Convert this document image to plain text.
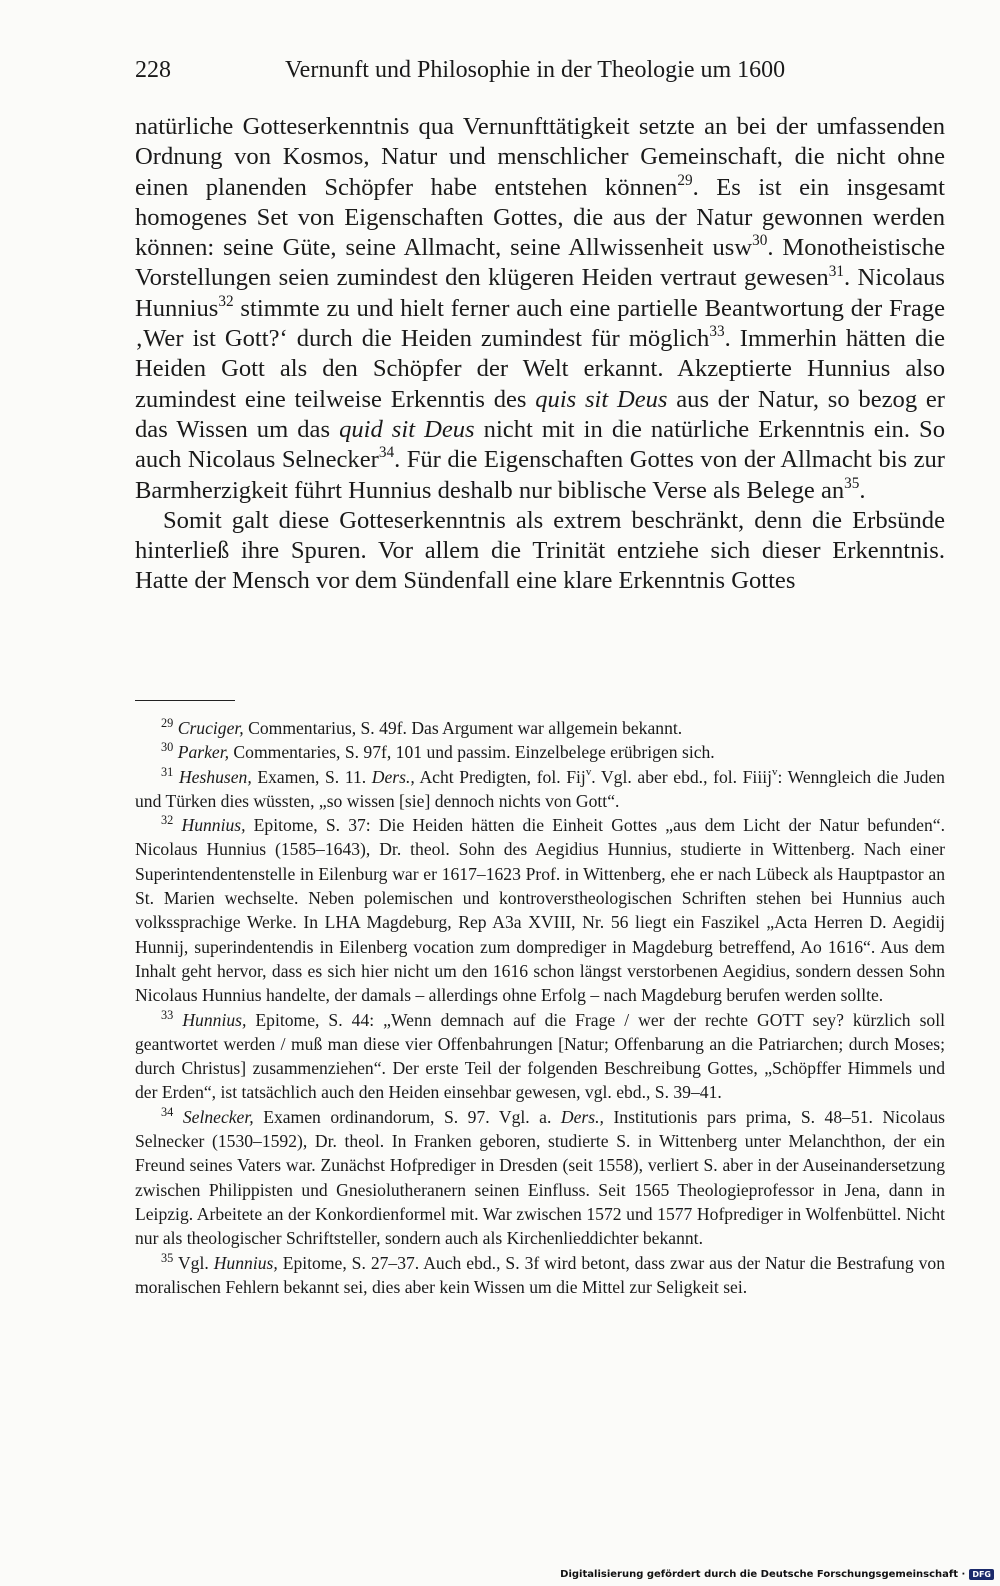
228	Vernunft und Philosophie in der Theologie um 1600

natürliche Gotteserkenntnis qua Vernunfttätigkeit setzte an bei der umfassenden Ordnung von Kosmos, Natur und menschlicher Gemeinschaft, die nicht ohne einen planenden Schöpfer habe entstehen können$^{29}$. Es ist ein insgesamt homogenes Set von Eigenschaften Gottes, die aus der Natur gewonnen werden können: seine Güte, seine Allmacht, seine Allwissenheit usw$^{30}$. Monotheistische Vorstellungen seien zumindest den klügeren Heiden vertraut gewesen$^{31}$. Nicolaus Hunnius$^{32}$ stimmte zu und hielt ferner auch eine partielle Beantwortung der Frage ‚Wer ist Gott?‘ durch die Heiden zumindest für möglich$^{33}$. Immerhin hätten die Heiden Gott als den Schöpfer der Welt erkannt. Akzeptierte Hunnius also zumindest eine teilweise Erkenntis des quis sit Deus aus der Natur, so bezog er das Wissen um das quid sit Deus nicht mit in die natürliche Erkenntnis ein. So auch Nicolaus Selnecker$^{34}$. Für die Eigenschaften Gottes von der Allmacht bis zur Barmherzigkeit führt Hunnius deshalb nur biblische Verse als Belege $an^{35}$.

Somit galt diese Gotteserkenntnis als extrem beschränkt, denn die Erbsünde hinterließ ihre Spuren. Vor allem die Trinität entziehe sich dieser Erkenntnis. Hatte der Mensch vor dem Sündenfall eine klare Erkenntnis Gottes

$^{29}$ Cruciger, Commentarius, S. 49f. Das Argument war allgemein bekannt.

$^{30}$ Parker, Commentaries, S. 97f, 101 und passim. Einzelbelege erübrigen sich.

$^{31}$ Heshusen, Examen, S. 11. Ders., Acht Predigten, fol. Fij$^v$. Vgl. aber ebd., fol. Fiiij$^v$: Wenngleich die Juden und Türken dies wüssten, „so wissen [sie] dennoch nichts von Gott“.

$^{32}$ Hunnius, Epitome, S. 37: Die Heiden hätten die Einheit Gottes „aus dem Licht der Natur befunden“. Nicolaus Hunnius (1585–1643), Dr. theol. Sohn des Aegidius Hunnius, studierte in Wittenberg. Nach einer Superintendentenstelle in Eilenburg war er 1617–1623 Prof. in Wittenberg, ehe er nach Lübeck als Hauptpastor an St. Marien wechselte. Neben polemischen und kontroverstheologischen Schriften stehen bei Hunnius auch volkssprachige Werke. In LHA Magdeburg, Rep A3a XVIII, Nr. 56 liegt ein Faszikel „Acta Herren D. Aegidij Hunnij, superindentendis in Eilenberg vocation zum domprediger in Magdeburg betreffend, Ao 1616“. Aus dem Inhalt geht hervor, dass es sich hier nicht um den 1616 schon längst verstorbenen Aegidius, sondern dessen Sohn Nicolaus Hunnius handelte, der damals – allerdings ohne Erfolg – nach Magdeburg berufen werden sollte.

$^{33}$ Hunnius, Epitome, S. 44: „Wenn demnach auf die Frage / wer der rechte GOTT sey? kürzlich soll geantwortet werden / muß man diese vier Offenbahrungen [Natur; Offenbarung an die Patriarchen; durch Moses; durch Christus] zusammenziehen“. Der erste Teil der folgenden Beschreibung Gottes, „Schöpffer Himmels und der Erden“, ist tatsächlich auch den Heiden einsehbar gewesen, vgl. ebd., S. 39–41.

$^{34}$ Selnecker, Examen ordinandorum, S. 97. Vgl. a. Ders., Institutionis pars prima, S. 48–51. Nicolaus Selnecker (1530–1592), Dr. theol. In Franken geboren, studierte S. in Wittenberg unter Melanchthon, der ein Freund seines Vaters war. Zunächst Hofprediger in Dresden (seit 1558), verliert S. aber in der Auseinandersetzung zwischen Philippisten und Gnesiolutheranern seinen Einfluss. Seit 1565 Theologieprofessor in Jena, dann in Leipzig. Arbeitete an der Konkordienformel mit. War zwischen 1572 und 1577 Hofprediger in Wolfenbüttel. Nicht nur als theologischer Schriftsteller, sondern auch als Kirchenlieddichter bekannt.

$^{35}$ Vgl. Hunnius, Epitome, S. 27–37. Auch ebd., S. 3f wird betont, dass zwar aus der Natur die Bestrafung von moralischen Fehlern bekannt sei, dies aber kein Wissen um die Mittel zur Seligkeit sei.

Digitalisierung gefördert durch die Deutsche Forschungsgemeinschaft · DFG
